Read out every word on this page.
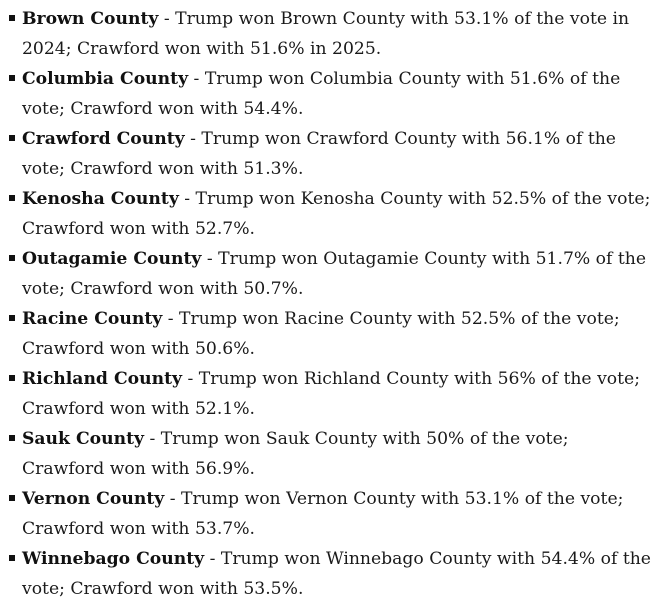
Brown County - Trump won Brown County with 53.1% of the vote in 2024; Crawford won with 51.6% in 2025.
Columbia County - Trump won Columbia County with 51.6% of the vote; Crawford won with 54.4%.
Crawford County - Trump won Crawford County with 56.1% of the vote; Crawford won with 51.3%.
Kenosha County - Trump won Kenosha County with 52.5% of the vote; Crawford won with 52.7%.
Outagamie County - Trump won Outagamie County with 51.7% of the vote; Crawford won with 50.7%.
Racine County - Trump won Racine County with 52.5% of the vote; Crawford won with 50.6%.
Richland County - Trump won Richland County with 56% of the vote; Crawford won with 52.1%.
Sauk County - Trump won Sauk County with 50% of the vote; Crawford won with 56.9%.
Vernon County - Trump won Vernon County with 53.1% of the vote; Crawford won with 53.7%.
Winnebago County - Trump won Winnebago County with 54.4% of the vote; Crawford won with 53.5%.
